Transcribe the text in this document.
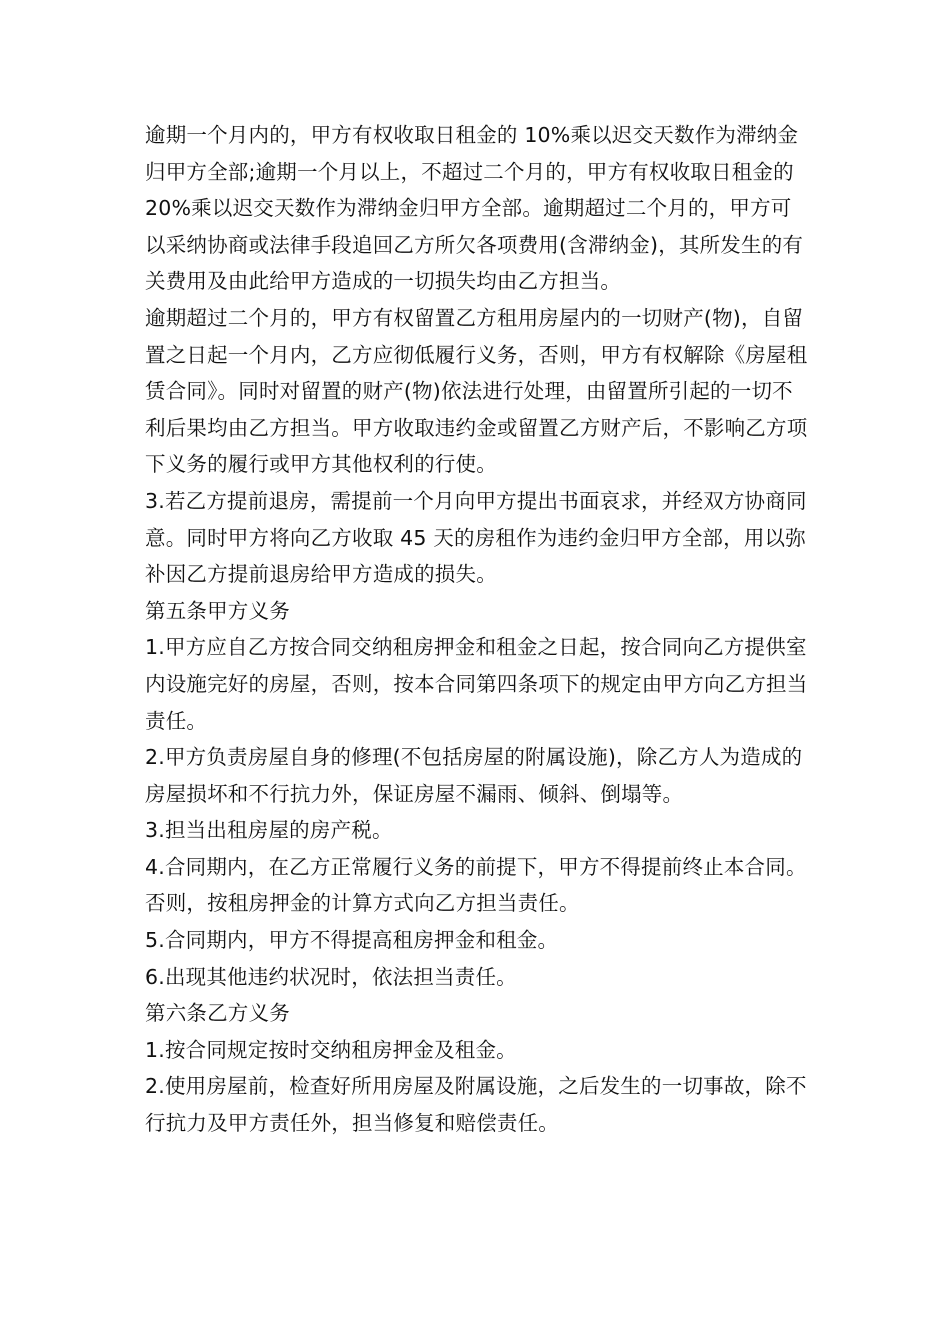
逾期一个月内的，甲方有权收取日租金的 10%乘以迟交天数作为滞纳金归甲方全部;逾期一个月以上，不超过二个月的，甲方有权收取日租金的 20%乘以迟交天数作为滞纳金归甲方全部。逾期超过二个月的，甲方可以采纳协商或法律手段追回乙方所欠各项费用(含滞纳金)，其所发生的有关费用及由此给甲方造成的一切损失均由乙方担当。

逾期超过二个月的，甲方有权留置乙方租用房屋内的一切财产(物)，自留置之日起一个月内，乙方应彻低履行义务，否则，甲方有权解除《房屋租赁合同》。同时对留置的财产(物)依法进行处理，由留置所引起的一切不利后果均由乙方担当。甲方收取违约金或留置乙方财产后，不影响乙方项下义务的履行或甲方其他权利的行使。

3.若乙方提前退房，需提前一个月向甲方提出书面哀求，并经双方协商同意。同时甲方将向乙方收取 45 天的房租作为违约金归甲方全部，用以弥补因乙方提前退房给甲方造成的损失。

第五条甲方义务

1.甲方应自乙方按合同交纳租房押金和租金之日起，按合同向乙方提供室内设施完好的房屋，否则，按本合同第四条项下的规定由甲方向乙方担当责任。

2.甲方负责房屋自身的修理(不包括房屋的附属设施)，除乙方人为造成的房屋损坏和不行抗力外，保证房屋不漏雨、倾斜、倒塌等。

3.担当出租房屋的房产税。

4.合同期内，在乙方正常履行义务的前提下，甲方不得提前终止本合同。否则，按租房押金的计算方式向乙方担当责任。

5.合同期内，甲方不得提高租房押金和租金。

6.出现其他违约状况时，依法担当责任。

第六条乙方义务

1.按合同规定按时交纳租房押金及租金。

2.使用房屋前，检查好所用房屋及附属设施，之后发生的一切事故，除不行抗力及甲方责任外，担当修复和赔偿责任。
